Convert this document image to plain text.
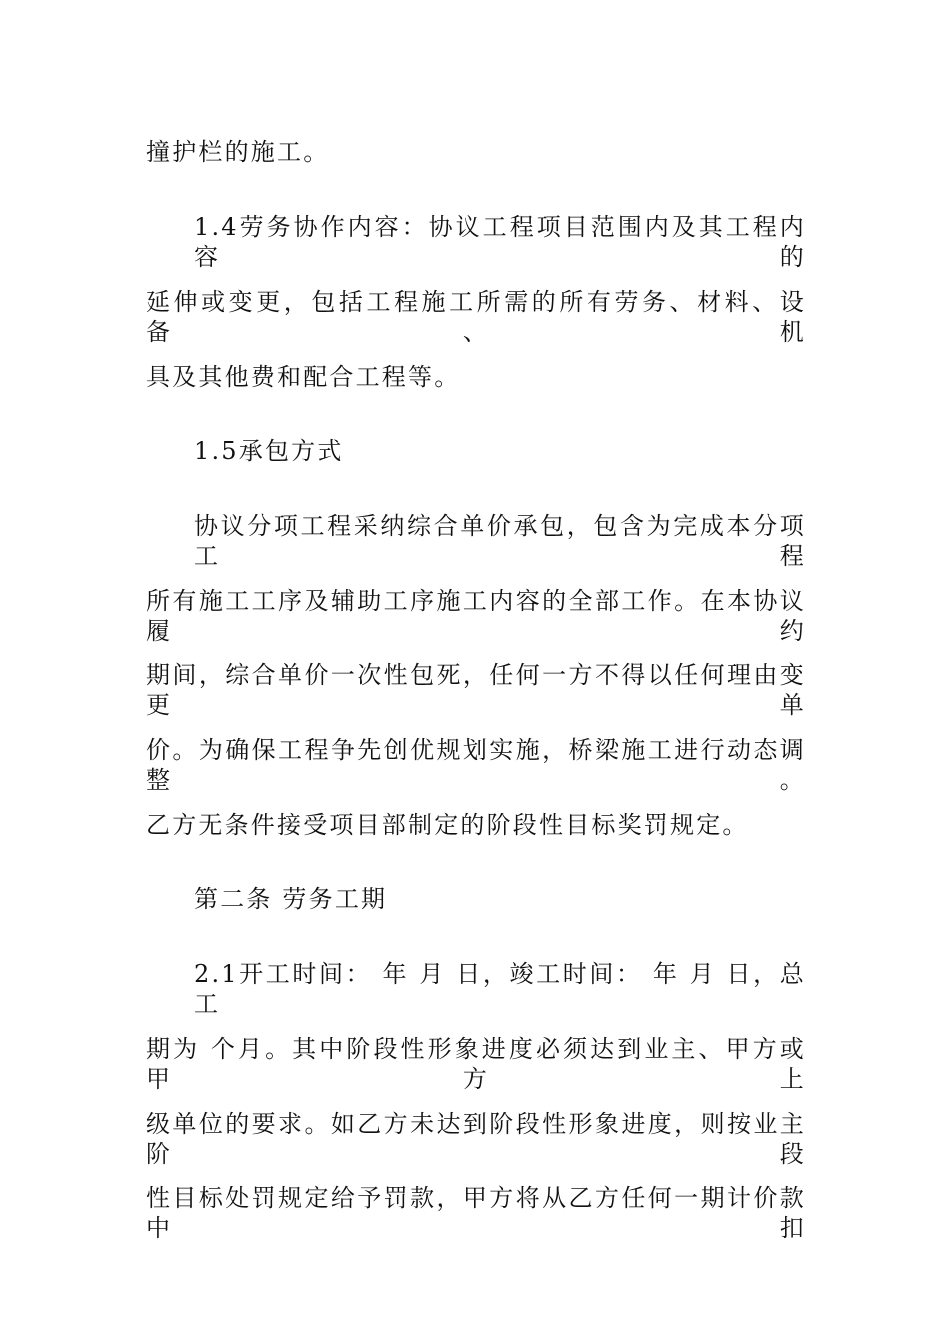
撞护栏的施工。
1.4劳务协作内容：协议工程项目范围内及其工程内容的
延伸或变更，包括工程施工所需的所有劳务、材料、设备、机
具及其他费和配合工程等。
1.5承包方式
协议分项工程采纳综合单价承包，包含为完成本分项工程
所有施工工序及辅助工序施工内容的全部工作。在本协议履约
期间，综合单价一次性包死，任何一方不得以任何理由变更单
价。为确保工程争先创优规划实施，桥梁施工进行动态调整。
乙方无条件接受项目部制定的阶段性目标奖罚规定。
第二条 劳务工期
2.1开工时间： 年 月 日，竣工时间： 年 月 日，总工
期为 个月。其中阶段性形象进度必须达到业主、甲方或甲方上
级单位的要求。如乙方未达到阶段性形象进度，则按业主阶段
性目标处罚规定给予罚款，甲方将从乙方任何一期计价款中扣
